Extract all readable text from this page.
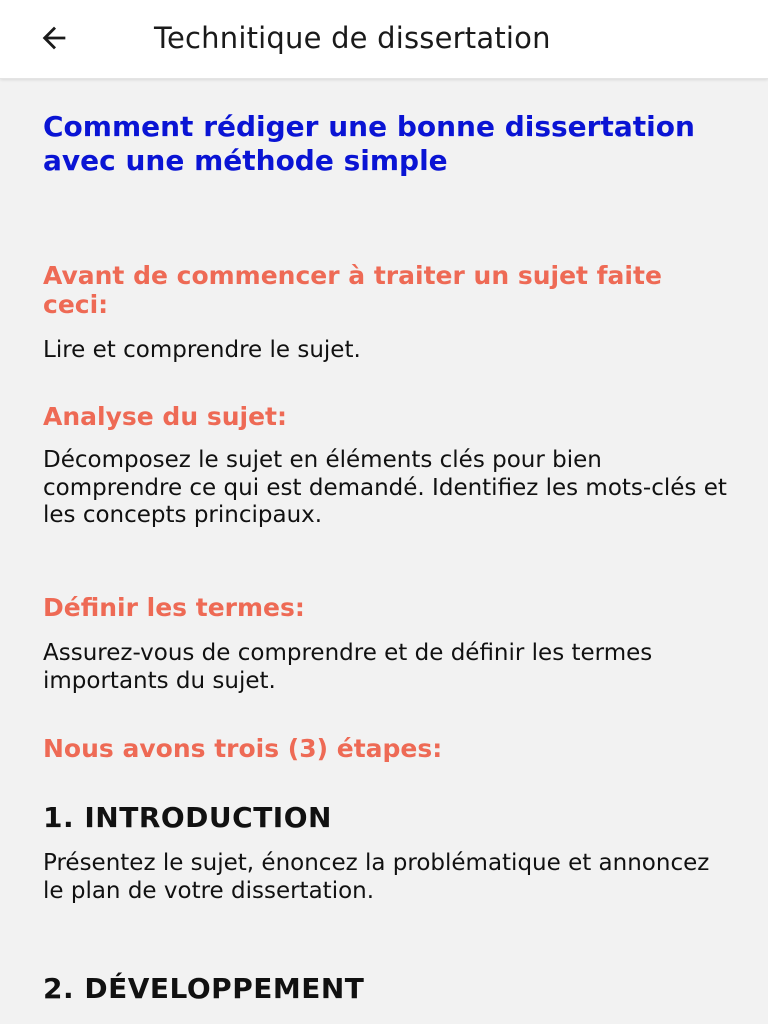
Technitique de dissertation
Comment rédiger une bonne dissertation avec une méthode simple
Avant de commencer à traiter un sujet faite ceci:

Lire et comprendre le sujet.

Analyse du sujet:

Décomposez le sujet en éléments clés pour bien comprendre ce qui est demandé. Identifiez les mots-clés et les concepts principaux.

Définir les termes:

Assurez-vous de comprendre et de définir les termes importants du sujet.

Nous avons trois (3) étapes:
1. INTRODUCTION

Présentez le sujet, énoncez la problématique et annoncez le plan de votre dissertation.

2. DÉVELOPPEMENT
